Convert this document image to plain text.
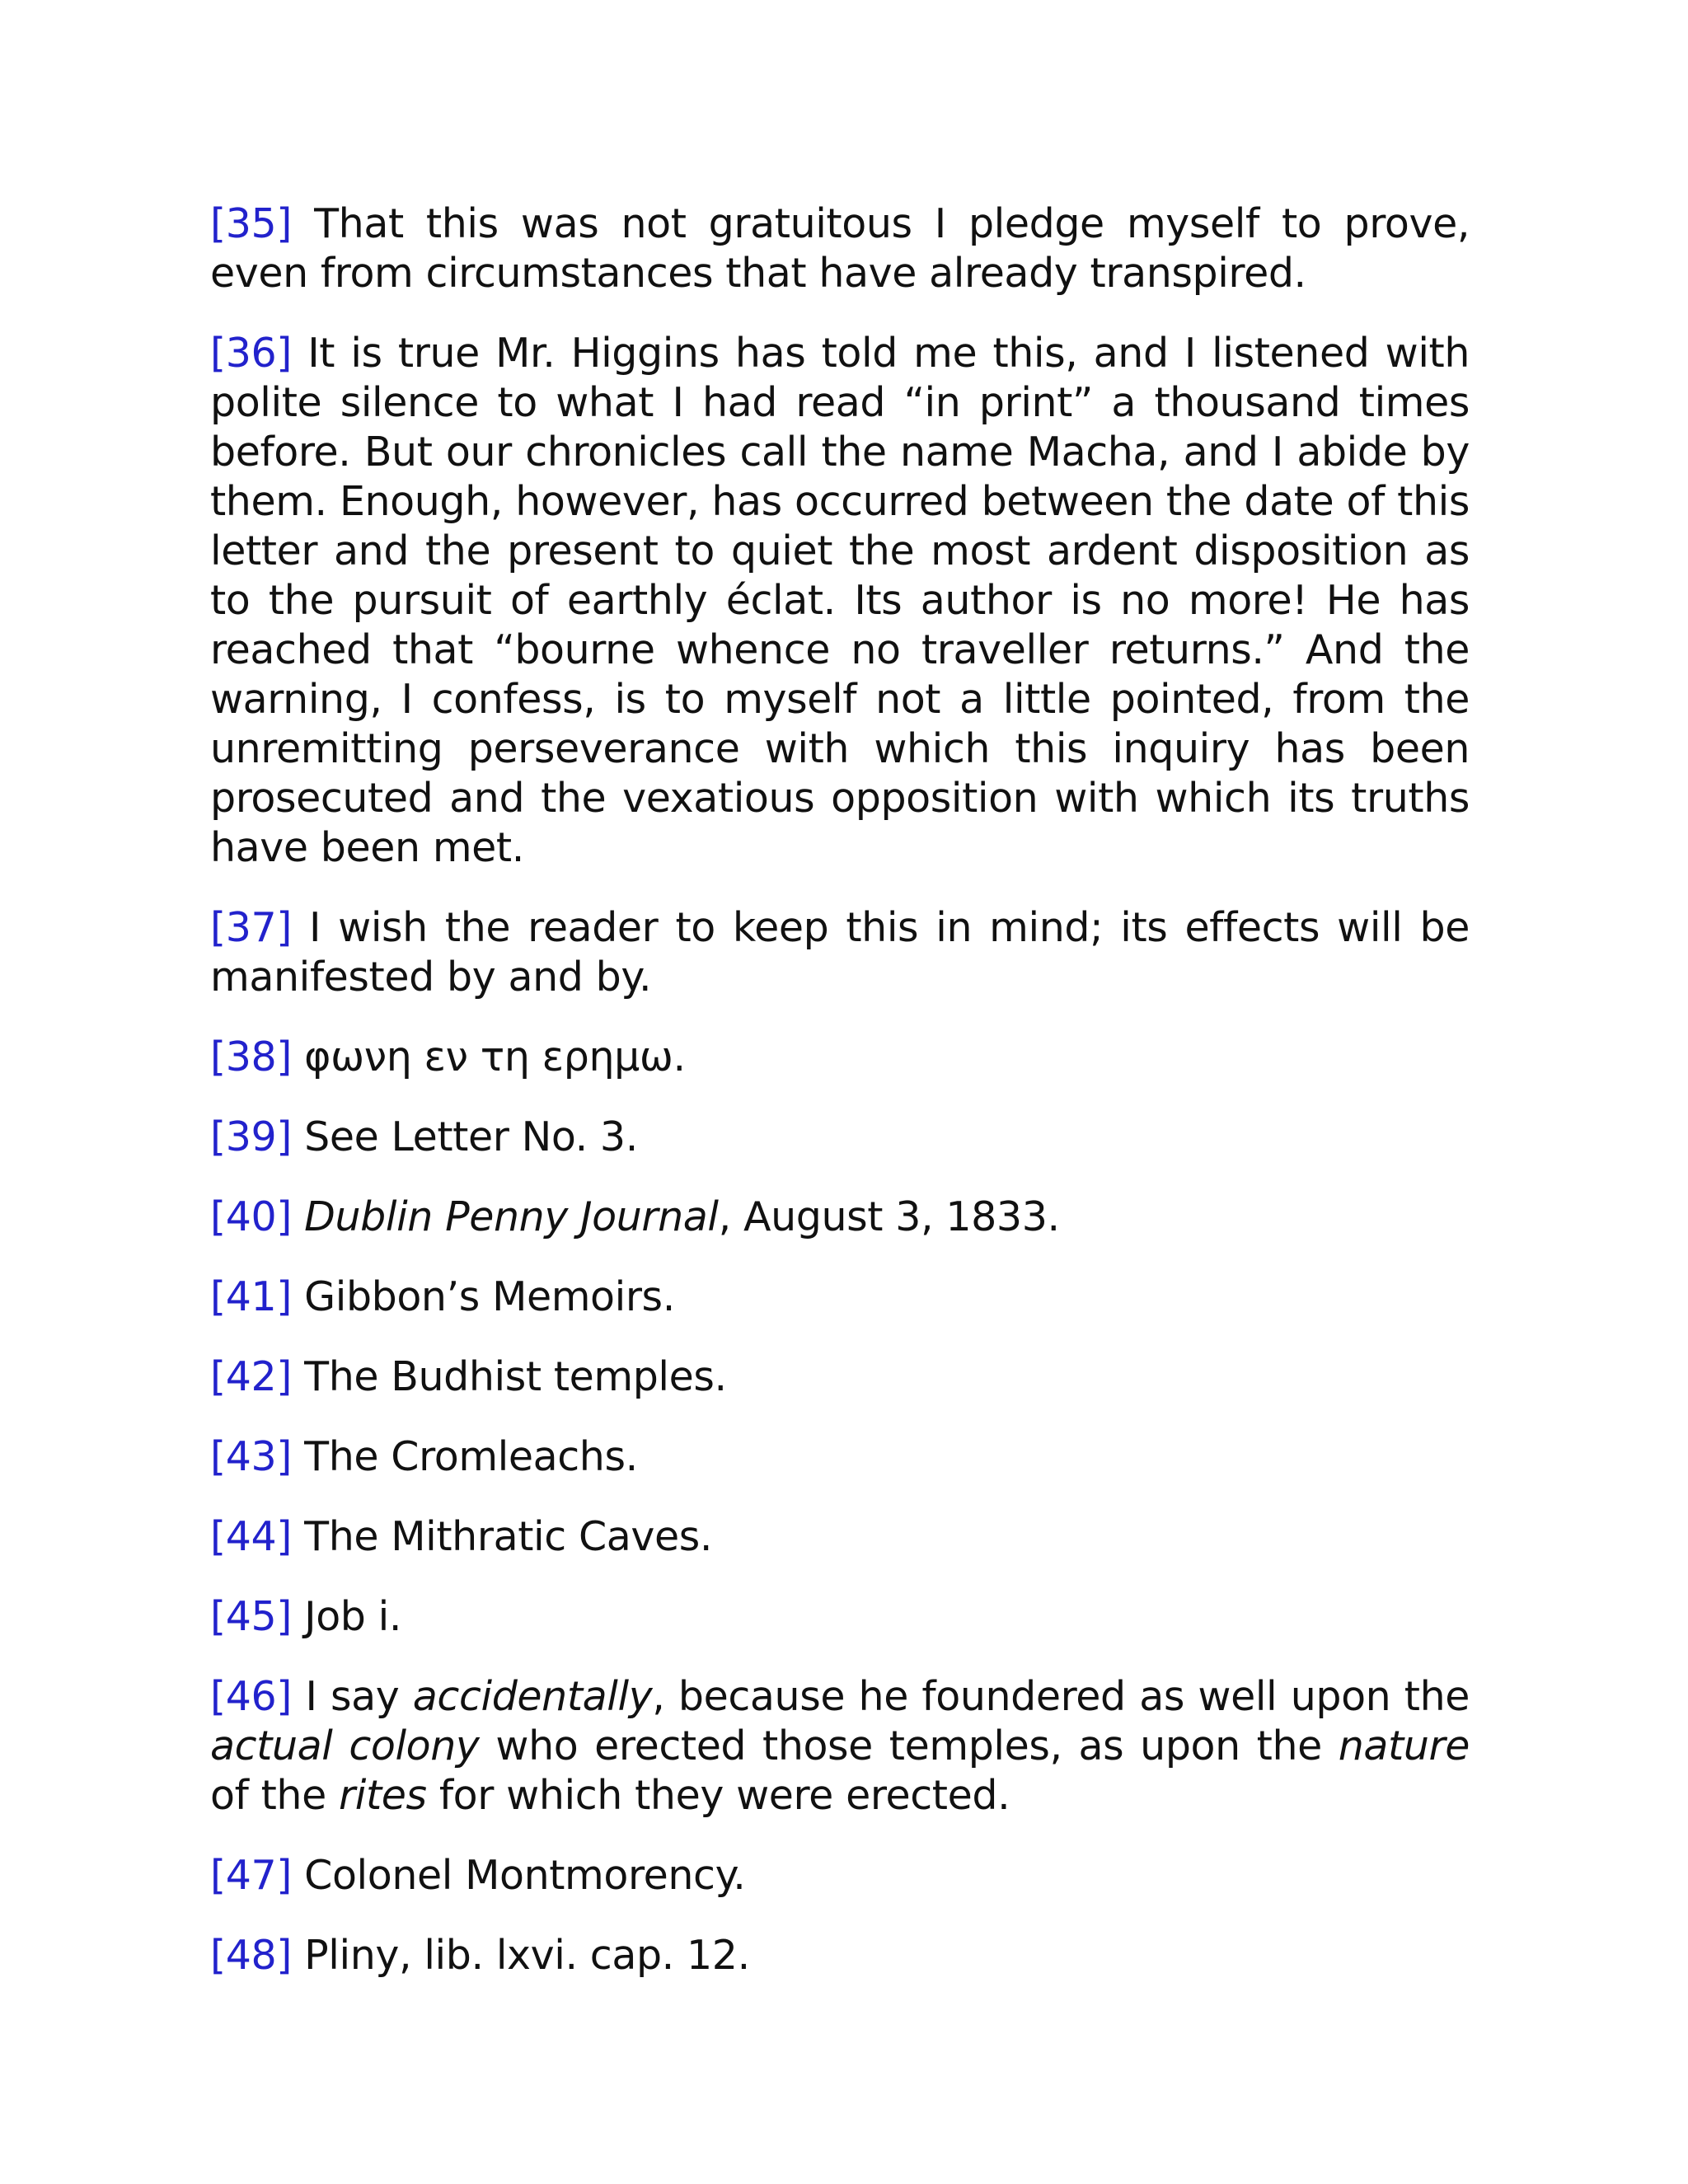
[35] That this was not gratuitous I pledge myself to prove, even from circumstances that have already transpired.

[36] It is true Mr. Higgins has told me this, and I listened with polite silence to what I had read “in print” a thousand times before. But our chronicles call the name Macha, and I abide by them. Enough, however, has occurred between the date of this letter and the present to quiet the most ardent disposition as to the pursuit of earthly éclat. Its author is no more! He has reached that “bourne whence no traveller returns.” And the warning, I confess, is to myself not a little pointed, from the unremitting perseverance with which this inquiry has been prosecuted and the vexatious opposition with which its truths have been met.

[37] I wish the reader to keep this in mind; its effects will be manifested by and by.

[38] φωνη εν τη ερημω.

[39] See Letter No. 3.

[40] Dublin Penny Journal, August 3, 1833.

[41] Gibbon’s Memoirs.

[42] The Budhist temples.

[43] The Cromleachs.

[44] The Mithratic Caves.

[45] Job i.

[46] I say accidentally, because he foundered as well upon the actual colony who erected those temples, as upon the nature of the rites for which they were erected.

[47] Colonel Montmorency.

[48] Pliny, lib. lxvi. cap. 12.
